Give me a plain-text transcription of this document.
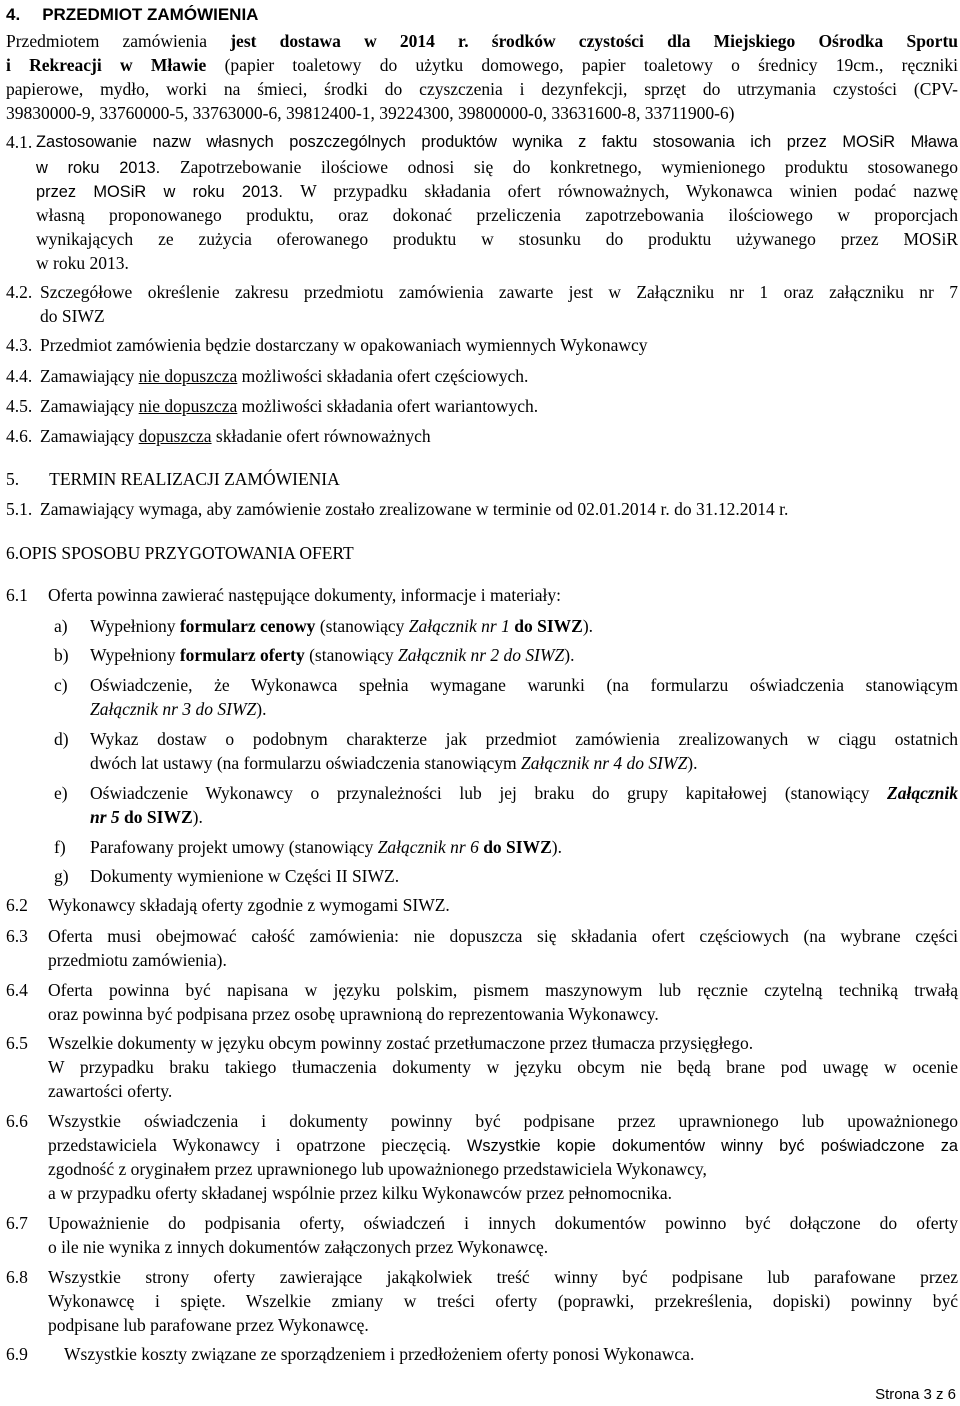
4. PRZEDMIOT ZAMÓWIENIA
Przedmiotem zamówienia jest dostawa w 2014 r. środków czystości dla Miejskiego Ośrodka Sportu
i Rekreacji w Mławie (papier toaletowy do użytku domowego, papier toaletowy o średnicy 19cm., ręczniki
papierowe, mydło, worki na śmieci, środki do czyszczenia i dezynfekcji, sprzęt do utrzymania czystości (CPV-
39830000-9, 33760000-5, 33763000-6, 39812400-1, 39224300, 39800000-0, 33631600-8, 33711900-6)
4.1. Zastosowanie nazw własnych poszczególnych produktów wynika z faktu stosowania ich przez MOSiR Mława
w roku 2013. Zapotrzebowanie ilościowe odnosi się do konkretnego, wymienionego produktu stosowanego
przez MOSiR w roku 2013. W przypadku składania ofert równoważnych, Wykonawca winien podać nazwę
własną proponowanego produktu, oraz dokonać przeliczenia zapotrzebowania ilościowego w proporcjach
wynikających ze zużycia oferowanego produktu w stosunku do produktu używanego przez MOSiR
w roku 2013.
4.2. Szczegółowe określenie zakresu przedmiotu zamówienia zawarte jest w Załączniku nr 1 oraz załączniku nr 7
do SIWZ
4.3. Przedmiot zamówienia będzie dostarczany w opakowaniach wymiennych Wykonawcy
4.4. Zamawiający nie dopuszcza możliwości składania ofert częściowych.
4.5. Zamawiający nie dopuszcza możliwości składania ofert wariantowych.
4.6. Zamawiający dopuszcza składanie ofert równoważnych
5. TERMIN REALIZACJI ZAMÓWIENIA
5.1. Zamawiający wymaga, aby zamówienie zostało zrealizowane w terminie od 02.01.2014 r. do 31.12.2014 r.
6.OPIS SPOSOBU PRZYGOTOWANIA OFERT
6.1 Oferta powinna zawierać następujące dokumenty, informacje i materiały:
a) Wypełniony formularz cenowy (stanowiący Załącznik nr 1 do SIWZ).
b) Wypełniony formularz oferty (stanowiący Załącznik nr 2 do SIWZ).
c) Oświadczenie, że Wykonawca spełnia wymagane warunki (na formularzu oświadczenia stanowiącym
Załącznik nr 3 do SIWZ).
d) Wykaz dostaw o podobnym charakterze jak przedmiot zamówienia zrealizowanych w ciągu ostatnich
dwóch lat ustawy (na formularzu oświadczenia stanowiącym Załącznik nr 4 do SIWZ).
e) Oświadczenie Wykonawcy o przynależności lub jej braku do grupy kapitałowej (stanowiący Załącznik
nr 5 do SIWZ).
f) Parafowany projekt umowy (stanowiący Załącznik nr 6 do SIWZ).
g) Dokumenty wymienione w Części II SIWZ.
6.2 Wykonawcy składają oferty zgodnie z wymogami SIWZ.
6.3 Oferta musi obejmować całość zamówienia: nie dopuszcza się składania ofert częściowych (na wybrane części
przedmiotu zamówienia).
6.4 Oferta powinna być napisana w języku polskim, pismem maszynowym lub ręcznie czytelną techniką trwałą
oraz powinna być podpisana przez osobę uprawnioną do reprezentowania Wykonawcy.
6.5 Wszelkie dokumenty w języku obcym powinny zostać przetłumaczone przez tłumacza przysięgłego.
W przypadku braku takiego tłumaczenia dokumenty w języku obcym nie będą brane pod uwagę w ocenie
zawartości oferty.
6.6 Wszystkie oświadczenia i dokumenty powinny być podpisane przez uprawnionego lub upoważnionego
przedstawiciela Wykonawcy i opatrzone pieczęcią. Wszystkie kopie dokumentów winny być poświadczone za
zgodność z oryginałem przez uprawnionego lub upoważnionego przedstawiciela Wykonawcy,
a w przypadku oferty składanej wspólnie przez kilku Wykonawców przez pełnomocnika.
6.7 Upoważnienie do podpisania oferty, oświadczeń i innych dokumentów powinno być dołączone do oferty
o ile nie wynika z innych dokumentów załączonych przez Wykonawcę.
6.8 Wszystkie strony oferty zawierające jakąkolwiek treść winny być podpisane lub parafowane przez
Wykonawcę i spięte. Wszelkie zmiany w treści oferty (poprawki, przekreślenia, dopiski) powinny być
podpisane lub parafowane przez Wykonawcę.
6.9 Wszystkie koszty związane ze sporządzeniem i przedłożeniem oferty ponosi Wykonawca.
Strona 3 z 6
